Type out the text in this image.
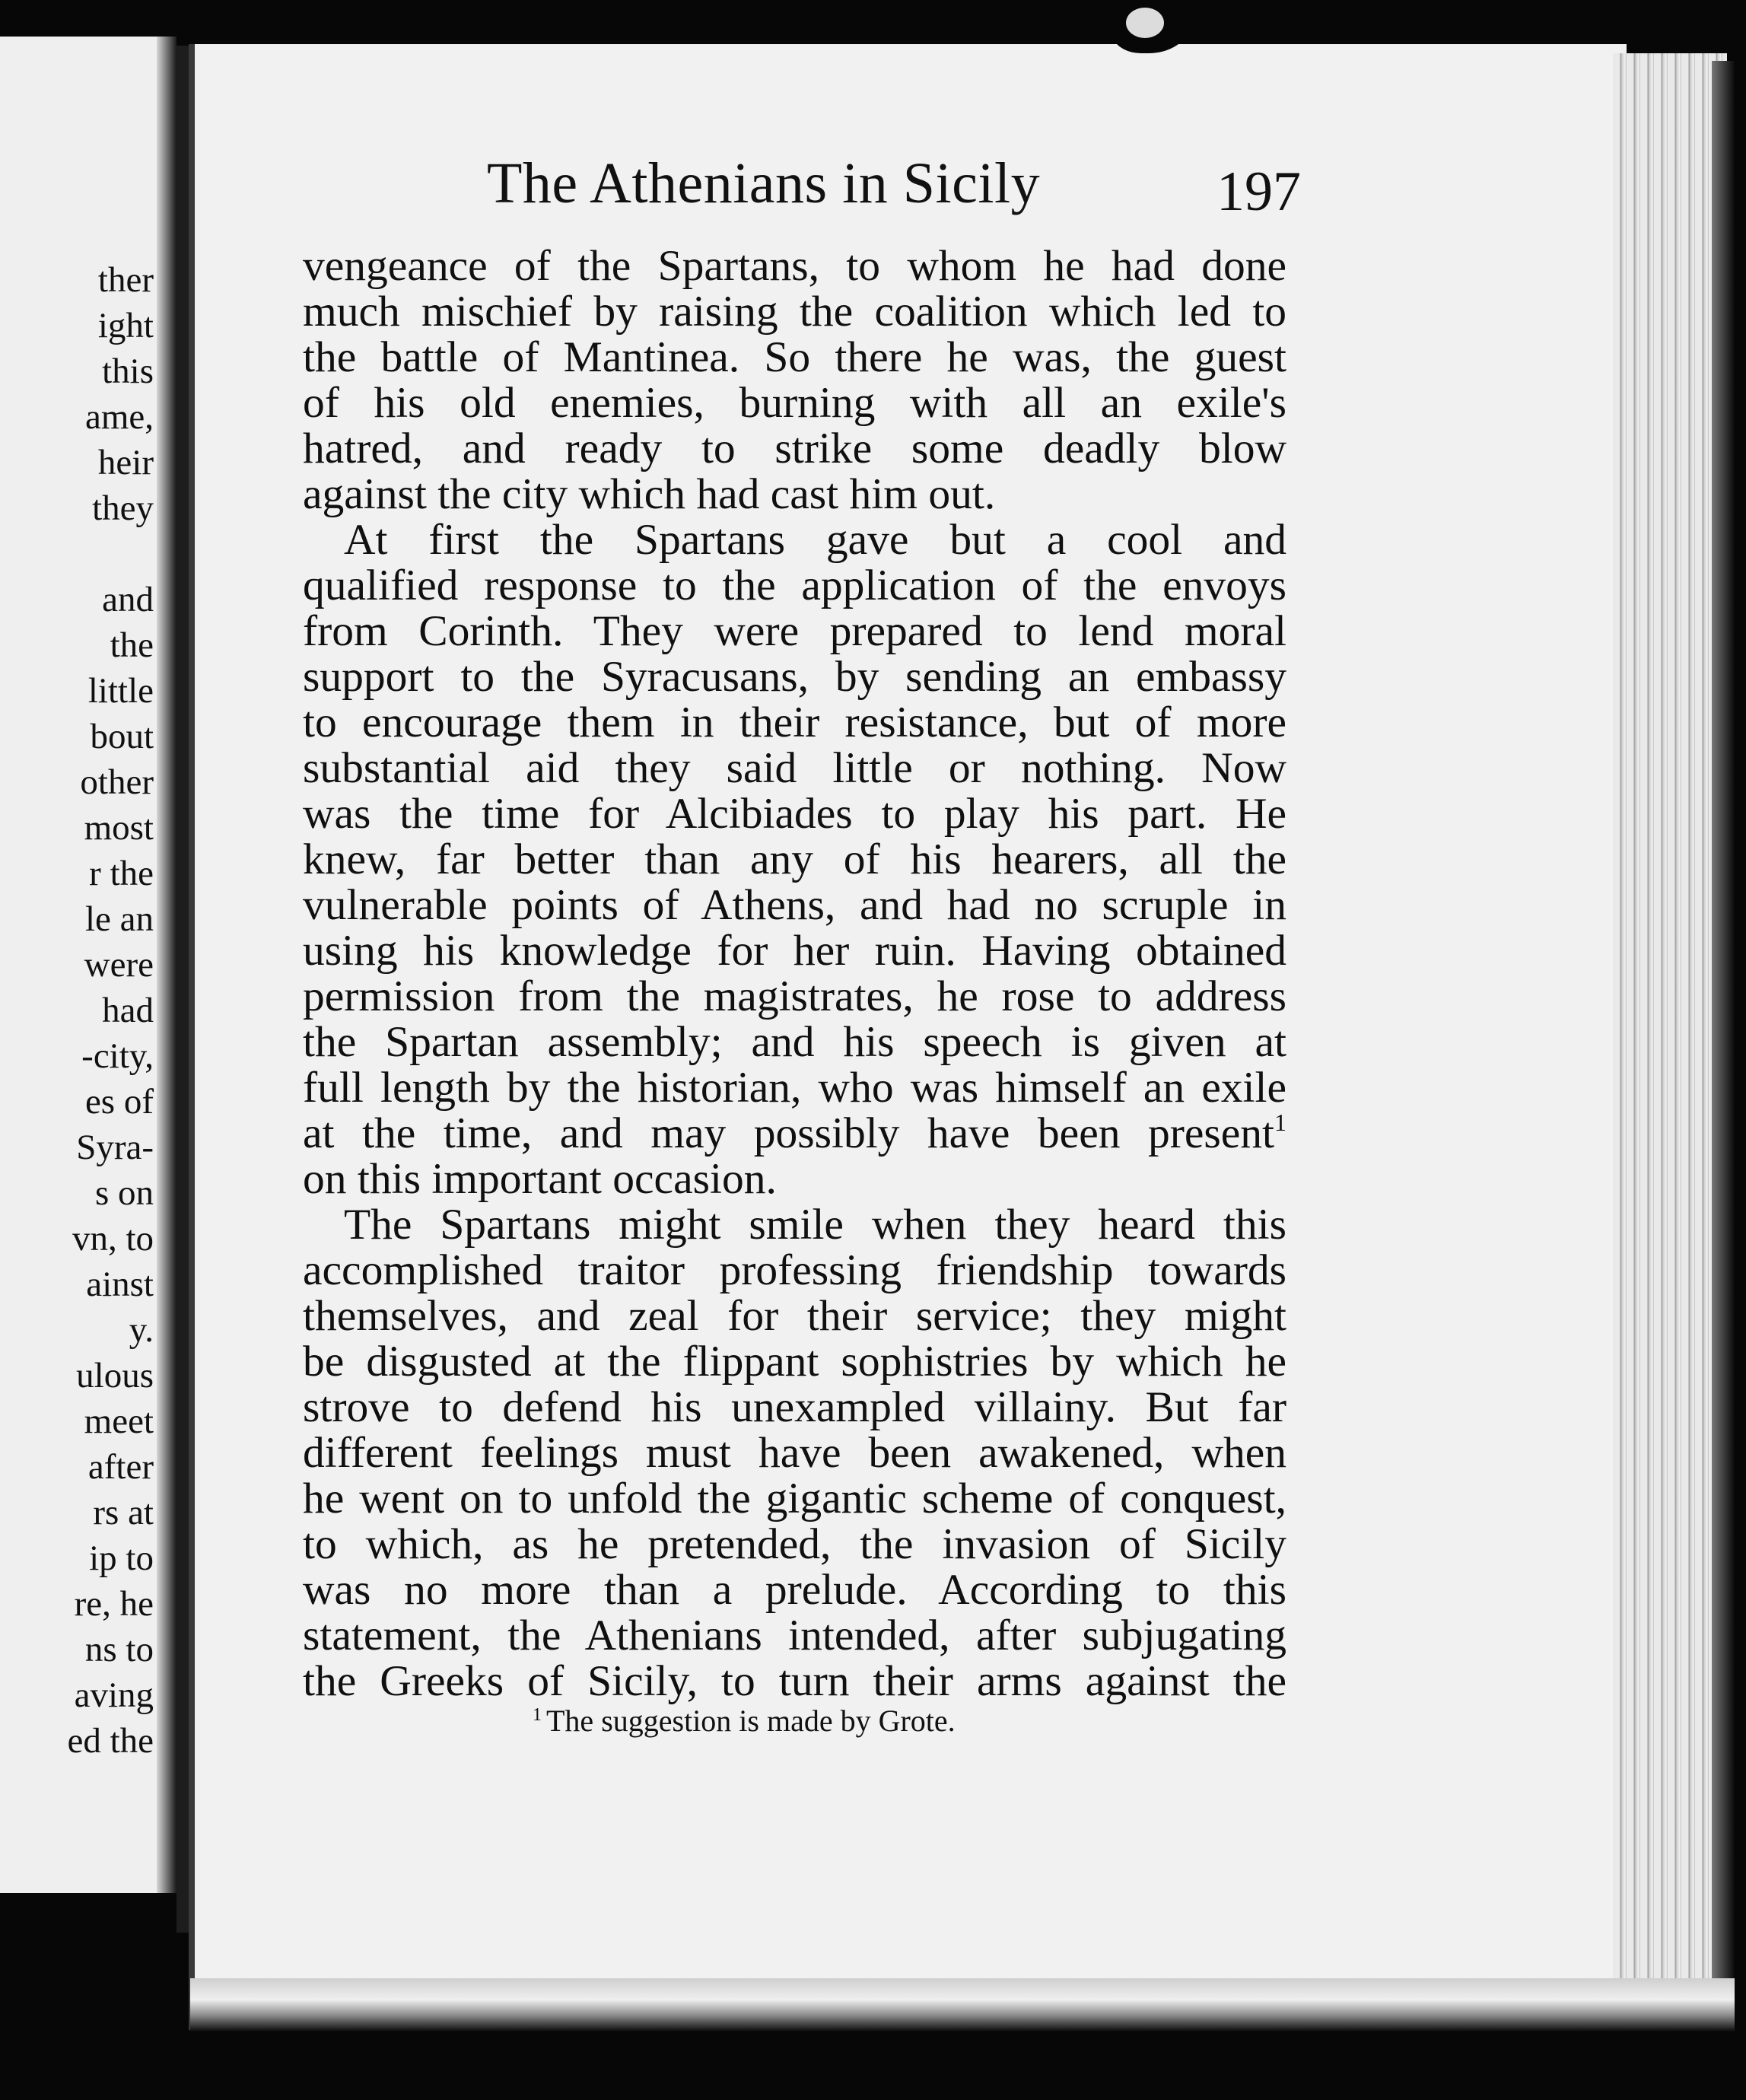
ther
ight
this
ame,
heir
they
and
the
little
bout
other
most
r the
le an
were
had
-city,
es of
Syra-
s on
vn, to
ainst
y.
ulous
meet
after
rs at
ip to
re, he
ns to
aving
ed the
The Athenians in Sicily	197
vengeance of the Spartans, to whom he had done
much mischief by raising the coalition which led to
the battle of Mantinea. So there he was, the guest
of his old enemies, burning with all an exile's
hatred, and ready to strike some deadly blow
against the city which had cast him out.
At first the Spartans gave but a cool and
qualified response to the application of the envoys
from Corinth. They were prepared to lend moral
support to the Syracusans, by sending an embassy
to encourage them in their resistance, but of more
substantial aid they said little or nothing. Now
was the time for Alcibiades to play his part. He
knew, far better than any of his hearers, all the
vulnerable points of Athens, and had no scruple in
using his knowledge for her ruin. Having obtained
permission from the magistrates, he rose to address
the Spartan assembly; and his speech is given at
full length by the historian, who was himself an exile
at the time, and may possibly have been present$^1$
on this important occasion.
The Spartans might smile when they heard this
accomplished traitor professing friendship towards
themselves, and zeal for their service; they might
be disgusted at the flippant sophistries by which he
strove to defend his unexampled villainy. But far
different feelings must have been awakened, when
he went on to unfold the gigantic scheme of conquest,
to which, as he pretended, the invasion of Sicily
was no more than a prelude. According to this
statement, the Athenians intended, after subjugating
the Greeks of Sicily, to turn their arms against the
$^1$ The suggestion is made by Grote.
